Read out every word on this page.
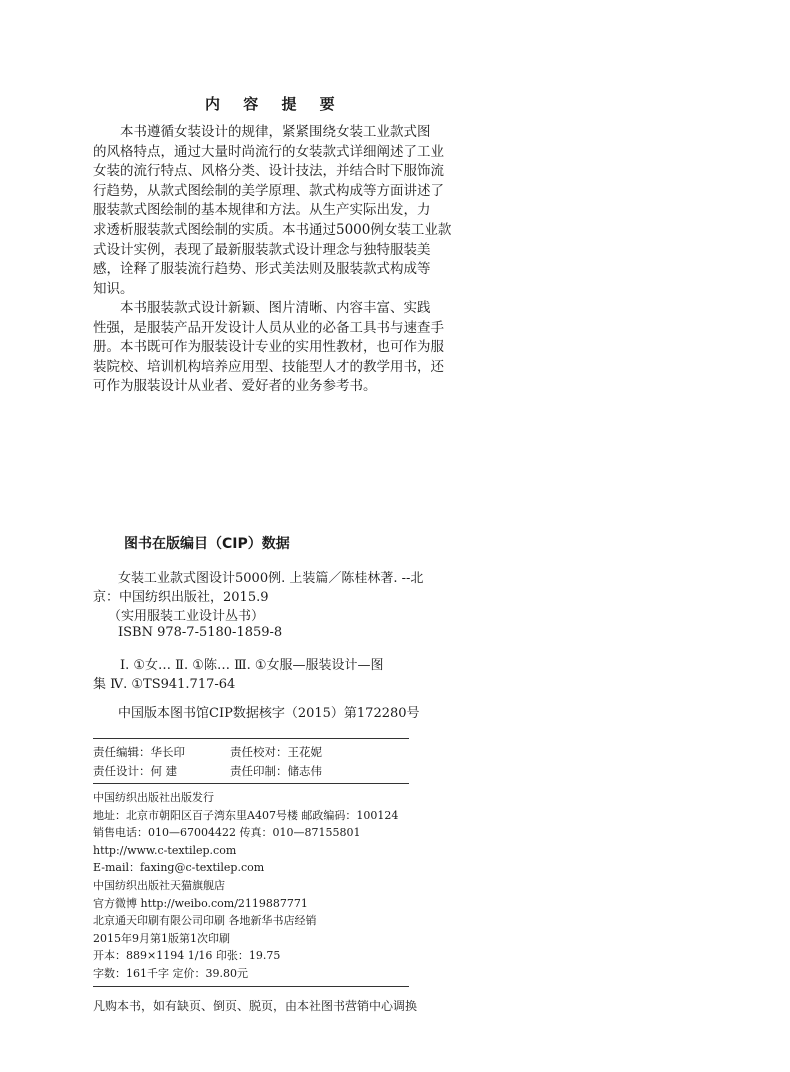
内 容 提 要

本书遵循女装设计的规律，紧紧围绕女装工业款式图

的风格特点，通过大量时尚流行的女装款式详细阐述了工业

女装的流行特点、风格分类、设计技法，并结合时下服饰流

行趋势，从款式图绘制的美学原理、款式构成等方面讲述了

服装款式图绘制的基本规律和方法。从生产实际出发，力

求透析服装款式图绘制的实质。本书通过5000例女装工业款

式设计实例，表现了最新服装款式设计理念与独特服装美

感，诠释了服装流行趋势、形式美法则及服装款式构成等

知识。

本书服装款式设计新颖、图片清晰、内容丰富、实践

性强，是服装产品开发设计人员从业的必备工具书与速查手

册。本书既可作为服装设计专业的实用性教材，也可作为服

装院校、培训机构培养应用型、技能型人才的教学用书，还

可作为服装设计从业者、爱好者的业务参考书。

图书在版编目（CIP）数据
女装工业款式图设计5000例. 上装篇／陈桂林著. --北
京：中国纺织出版社，2015.9
（实用服装工业设计丛书）
ISBN 978-7-5180-1859-8
Ⅰ. ①女… Ⅱ. ①陈… Ⅲ. ①女服—服装设计—图
集 Ⅳ. ①TS941.717-64
中国版本图书馆CIP数据核字（2015）第172280号
责任编辑：华长印	责任校对：王花妮
责任设计：何 建	责任印制：储志伟
中国纺织出版社出版发行
地址：北京市朝阳区百子湾东里A407号楼 邮政编码：100124
销售电话：010—67004422 传真：010—87155801
http://www.c-textilep.com
E-mail：faxing@c-textilep.com
中国纺织出版社天猫旗舰店
官方微博 http://weibo.com/2119887771
北京通天印刷有限公司印刷 各地新华书店经销
2015年9月第1版第1次印刷
开本：889×1194 1/16 印张：19.75
字数：161千字 定价：39.80元
凡购本书，如有缺页、倒页、脱页，由本社图书营销中心调换
